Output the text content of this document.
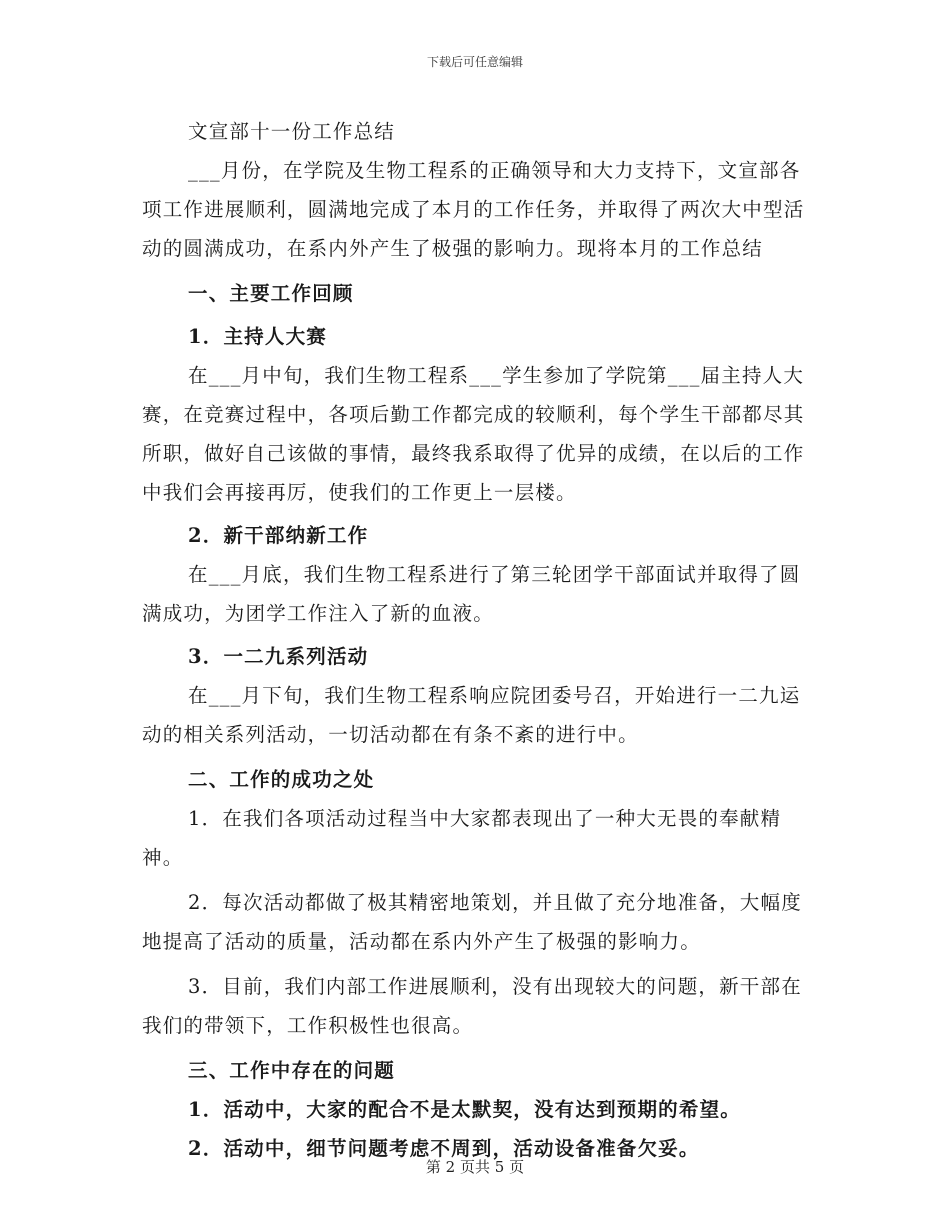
下载后可任意编辑

文宣部十一份工作总结

___月份，在学院及生物工程系的正确领导和大力支持下，文宣部各项工作进展顺利，圆满地完成了本月的工作任务，并取得了两次大中型活动的圆满成功，在系内外产生了极强的影响力。现将本月的工作总结

一、主要工作回顾

1．主持人大赛

在___月中旬，我们生物工程系___学生参加了学院第___届主持人大赛，在竞赛过程中，各项后勤工作都完成的较顺利，每个学生干部都尽其所职，做好自己该做的事情，最终我系取得了优异的成绩，在以后的工作中我们会再接再厉，使我们的工作更上一层楼。

2．新干部纳新工作

在___月底，我们生物工程系进行了第三轮团学干部面试并取得了圆满成功，为团学工作注入了新的血液。

3．一二九系列活动

在___月下旬，我们生物工程系响应院团委号召，开始进行一二九运动的相关系列活动，一切活动都在有条不紊的进行中。

二、工作的成功之处

1．在我们各项活动过程当中大家都表现出了一种大无畏的奉献精神。

2．每次活动都做了极其精密地策划，并且做了充分地准备，大幅度地提高了活动的质量，活动都在系内外产生了极强的影响力。

3．目前，我们内部工作进展顺利，没有出现较大的问题，新干部在我们的带领下，工作积极性也很高。

三、工作中存在的问题

1．活动中，大家的配合不是太默契，没有达到预期的希望。

2．活动中，细节问题考虑不周到，活动设备准备欠妥。

第 2 页共 5 页
